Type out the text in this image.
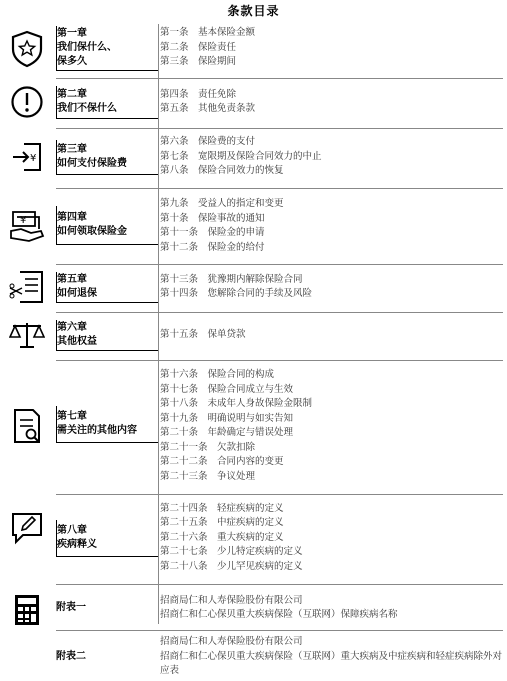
条款目录
第一章
我们保什么、
保多久
第一条　基本保险金额
第二条　保险责任
第三条　保险期间
第二章
我们不保什么
第四条　责任免除
第五条　其他免责条款
¥
第三章
如何支付保险费
第六条　保险费的支付
第七条　宽限期及保险合同效力的中止
第八条　保险合同效力的恢复
¥	第四章
如何领取保险金
第九条　受益人的指定和变更
第十条　保险事故的通知
第十一条　保险金的申请
第十二条　保险金的给付
第五章
如何退保
第十三条　犹豫期内解除保险合同
第十四条　您解除合同的手续及风险
第六章
其他权益
第十五条　保单贷款
第七章
需关注的其他内容
第十六条　保险合同的构成
第十七条　保险合同成立与生效
第十八条　未成年人身故保险金限制
第十九条　明确说明与如实告知
第二十条　年龄确定与错误处理
第二十一条　欠款扣除
第二十二条　合同内容的变更
第二十三条　争议处理
第八章
疾病释义
第二十四条　轻症疾病的定义
第二十五条　中症疾病的定义
第二十六条　重大疾病的定义
第二十七条　少儿特定疾病的定义
第二十八条　少儿罕见疾病的定义
附表一
招商局仁和人寿保险股份有限公司
招商仁和仁心保贝重大疾病保险（互联网）保障疾病名称
附表二
招商局仁和人寿保险股份有限公司
招商仁和仁心保贝重大疾病保险（互联网）重大疾病及中症疾病和轻症疾病除外对应表
